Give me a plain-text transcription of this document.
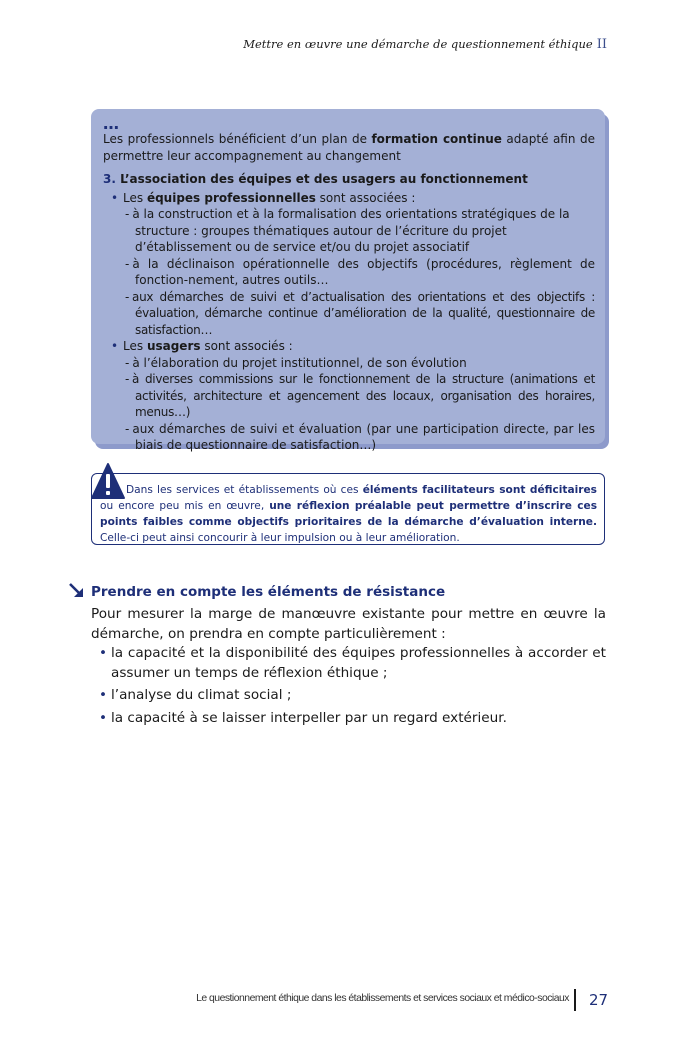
Mettre en œuvre une démarche de questionnement éthique II
…
Les professionnels bénéficient d’un plan de formation continue adapté afin de permettre leur accompagnement au changement
3. L’association des équipes et des usagers au fonctionnement
• Les équipes professionnelles sont associées :
- à la construction et à la formalisation des orientations stratégiques de la structure : groupes thématiques autour de l’écriture du projet d’établissement ou de service et/ou du projet associatif
- à la déclinaison opérationnelle des objectifs (procédures, règlement de fonction-nement, autres outils…
- aux démarches de suivi et d’actualisation des orientations et des objectifs : évaluation, démarche continue d’amélioration de la qualité, questionnaire de satisfaction…
• Les usagers sont associés :
- à l’élaboration du projet institutionnel, de son évolution
- à diverses commissions sur le fonctionnement de la structure (animations et activités, architecture et agencement des locaux, organisation des horaires, menus…)
- aux démarches de suivi et évaluation (par une participation directe, par les biais de questionnaire de satisfaction…)
Dans les services et établissements où ces éléments facilitateurs sont déficitaires ou encore peu mis en œuvre, une réflexion préalable peut permettre d’inscrire ces points faibles comme objectifs prioritaires de la démarche d’évaluation interne. Celle-ci peut ainsi concourir à leur impulsion ou à leur amélioration.
Prendre en compte les éléments de résistance
Pour mesurer la marge de manœuvre existante pour mettre en œuvre la démarche, on prendra en compte particulièrement :
• la capacité et la disponibilité des équipes professionnelles à accorder et assumer un temps de réflexion éthique ;
• l’analyse du climat social ;
• la capacité à se laisser interpeller par un regard extérieur.
Le questionnement éthique dans les établissements et services sociaux et médico-sociaux 27
